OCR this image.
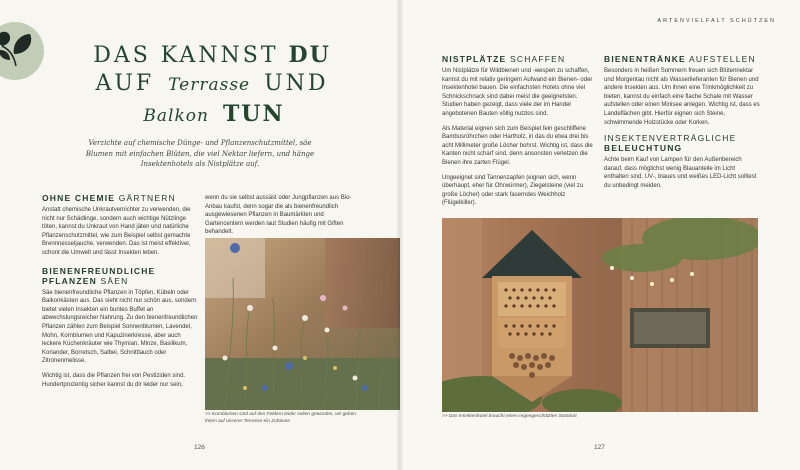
DAS KANNST DU
AUF Terrasse UND
Balkon TUN
Verzichte auf chemische Dünge- und Pflanzenschutzmittel, säe Blumen mit einfachen Blüten, die viel Nektar liefern, und hänge Insektenhotels als Nistplätze auf.
OHNE CHEMIE GÄRTNERN
Anstatt chemische Unkrautvernichter zu verwenden, die nicht nur Schädlinge, sondern auch wichtige Nützlinge töten, kannst du Unkraut von Hand jäten und natürliche Pflanzenschutzmittel, wie zum Beispiel selbst gemachte Brennnesseljauche, verwenden. Das ist meist effektiver, schont die Umwelt und lässt Insekten leben.
BIENENFREUNDLICHE PFLANZEN SÄEN
Säe bienenfreundliche Pflanzen in Töpfen, Kübeln oder Balkonkästen aus. Das sieht nicht nur schön aus, sondern bietet vielen Insekten ein buntes Buffet an abwechslungsreicher Nahrung. Zu den bienenfreundlichen Pflanzen zählen zum Beispiel Sonnenblumen, Lavendel, Mohn, Kornblumen und Kapuzinerkresse, aber auch leckere Küchenkräuter wie Thymian, Minze, Basilikum, Koriander, Borretsch, Salbei, Schnittlauch oder Zitronenmelisse.
Wichtig ist, dass die Pflanzen frei von Pestiziden sind. Hundertprozentig sicher kannst du dir leider nur sein,
wenn du sie selbst aussäst oder Jungpflanzen aus Bio-Anbau kaufst, denn sogar die als bienenfreundlich ausgewiesenen Pflanzen in Baumärkten und Gartencentern werden laut Studien häufig mit Giften behandelt.
>> Kornblumen sind auf den Feldern leider selten geworden, wir geben ihnen auf unserer Terrasse ein Zuhause
126
ARTENVIELFALT SCHÜTZEN
NISTPLÄTZE SCHAFFEN
Um Nistplätze für Wildbienen und -wespen zu schaffen, kannst du mit relativ geringem Aufwand ein Bienen- oder Insektenhotel bauen. Die einfachsten Hotels ohne viel Schnickschnack sind dabei meist die geeignetsten. Studien haben gezeigt, dass viele der im Handel angebotenen Bauten völlig nutzlos sind.
Als Material eignen sich zum Beispiel fein geschliffene Bambusröhrchen oder Hartholz, in das du etwa drei bis acht Millimeter große Löcher bohrst. Wichtig ist, dass die Kanten nicht scharf sind, denn ansonsten verletzen die Bienen ihre zarten Flügel.
Ungeeignet sind Tannenzapfen (eignen sich, wenn überhaupt, eher für Ohrwürmer), Ziegelsteine (viel zu große Löcher) oder stark faserndes Weichholz (Flügelkiller).
BIENENTRÄNKE AUFSTELLEN
Besonders in heißen Sommern freuen sich Blütennektar und Morgentau nicht als Wasserlieferanten für Bienen und andere Insekten aus. Um ihnen eine Trinkmöglichkeit zu bieten, kannst du einfach eine flache Schale mit Wasser aufstellen oder einen Minisee anlegen. Wichtig ist, dass es Landeflächen gibt. Hierfür eignen sich Steine, schwimmende Holzstücke oder Korken.
INSEKTENVERTRÄGLICHE
BELEUCHTUNG
Achte beim Kauf von Lampen für den Außenbereich darauf, dass möglichst wenig Blauanteile im Licht enthalten sind. UV-, blaues und weißes LED-Licht solltest du unbedingt meiden.
>> Das Insektenhotel braucht einen regengeschützten Standort
127
